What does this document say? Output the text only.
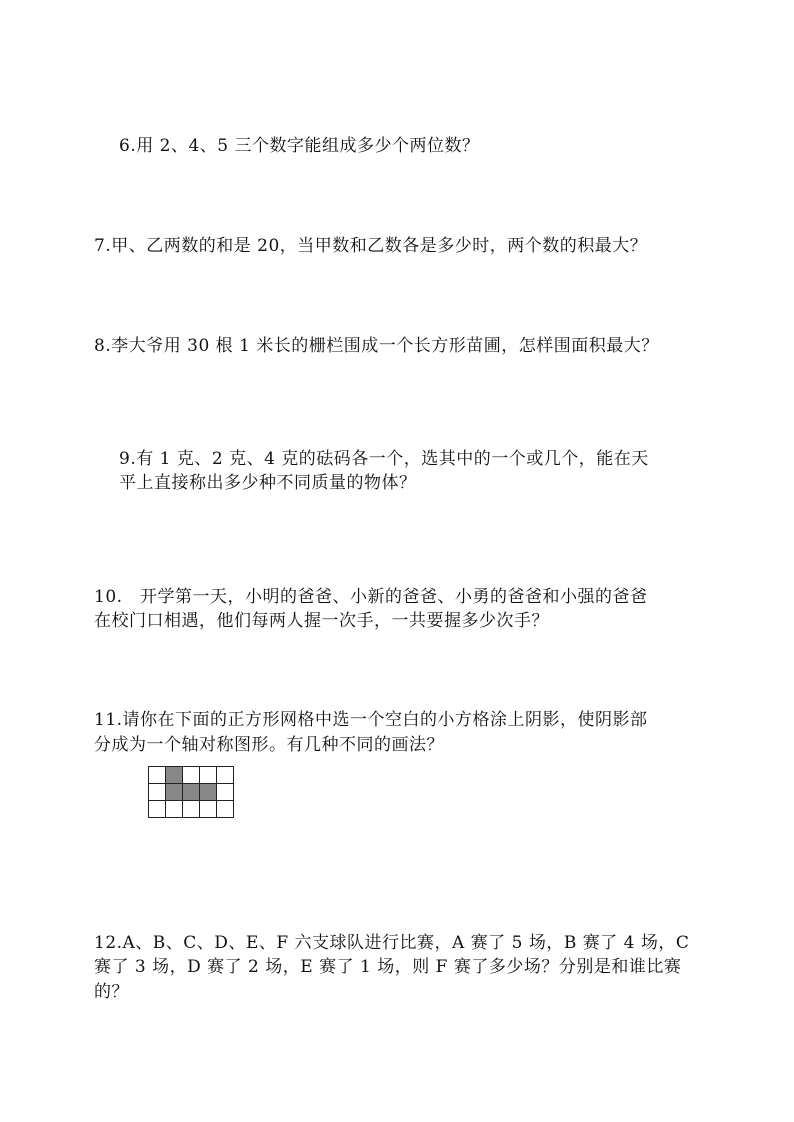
6.用 2、4、5 三个数字能组成多少个两位数？

7.甲、乙两数的和是 20，当甲数和乙数各是多少时，两个数的积最大？

8.李大爷用 30 根 1 米长的栅栏围成一个长方形苗圃，怎样围面积最大？

9.有 1 克、2 克、4 克的砝码各一个，选其中的一个或几个，能在天

平上直接称出多少种不同质量的物体？

10.　开学第一天，小明的爸爸、小新的爸爸、小勇的爸爸和小强的爸爸

在校门口相遇，他们每两人握一次手，一共要握多少次手？

11.请你在下面的正方形网格中选一个空白的小方格涂上阴影，使阴影部

分成为一个轴对称图形。有几种不同的画法？

12.A、B、C、D、E、F 六支球队进行比赛，A 赛了 5 场，B 赛了 4 场，C

赛了 3 场，D 赛了 2 场，E 赛了 1 场，则 F 赛了多少场？分别是和谁比赛

的？
